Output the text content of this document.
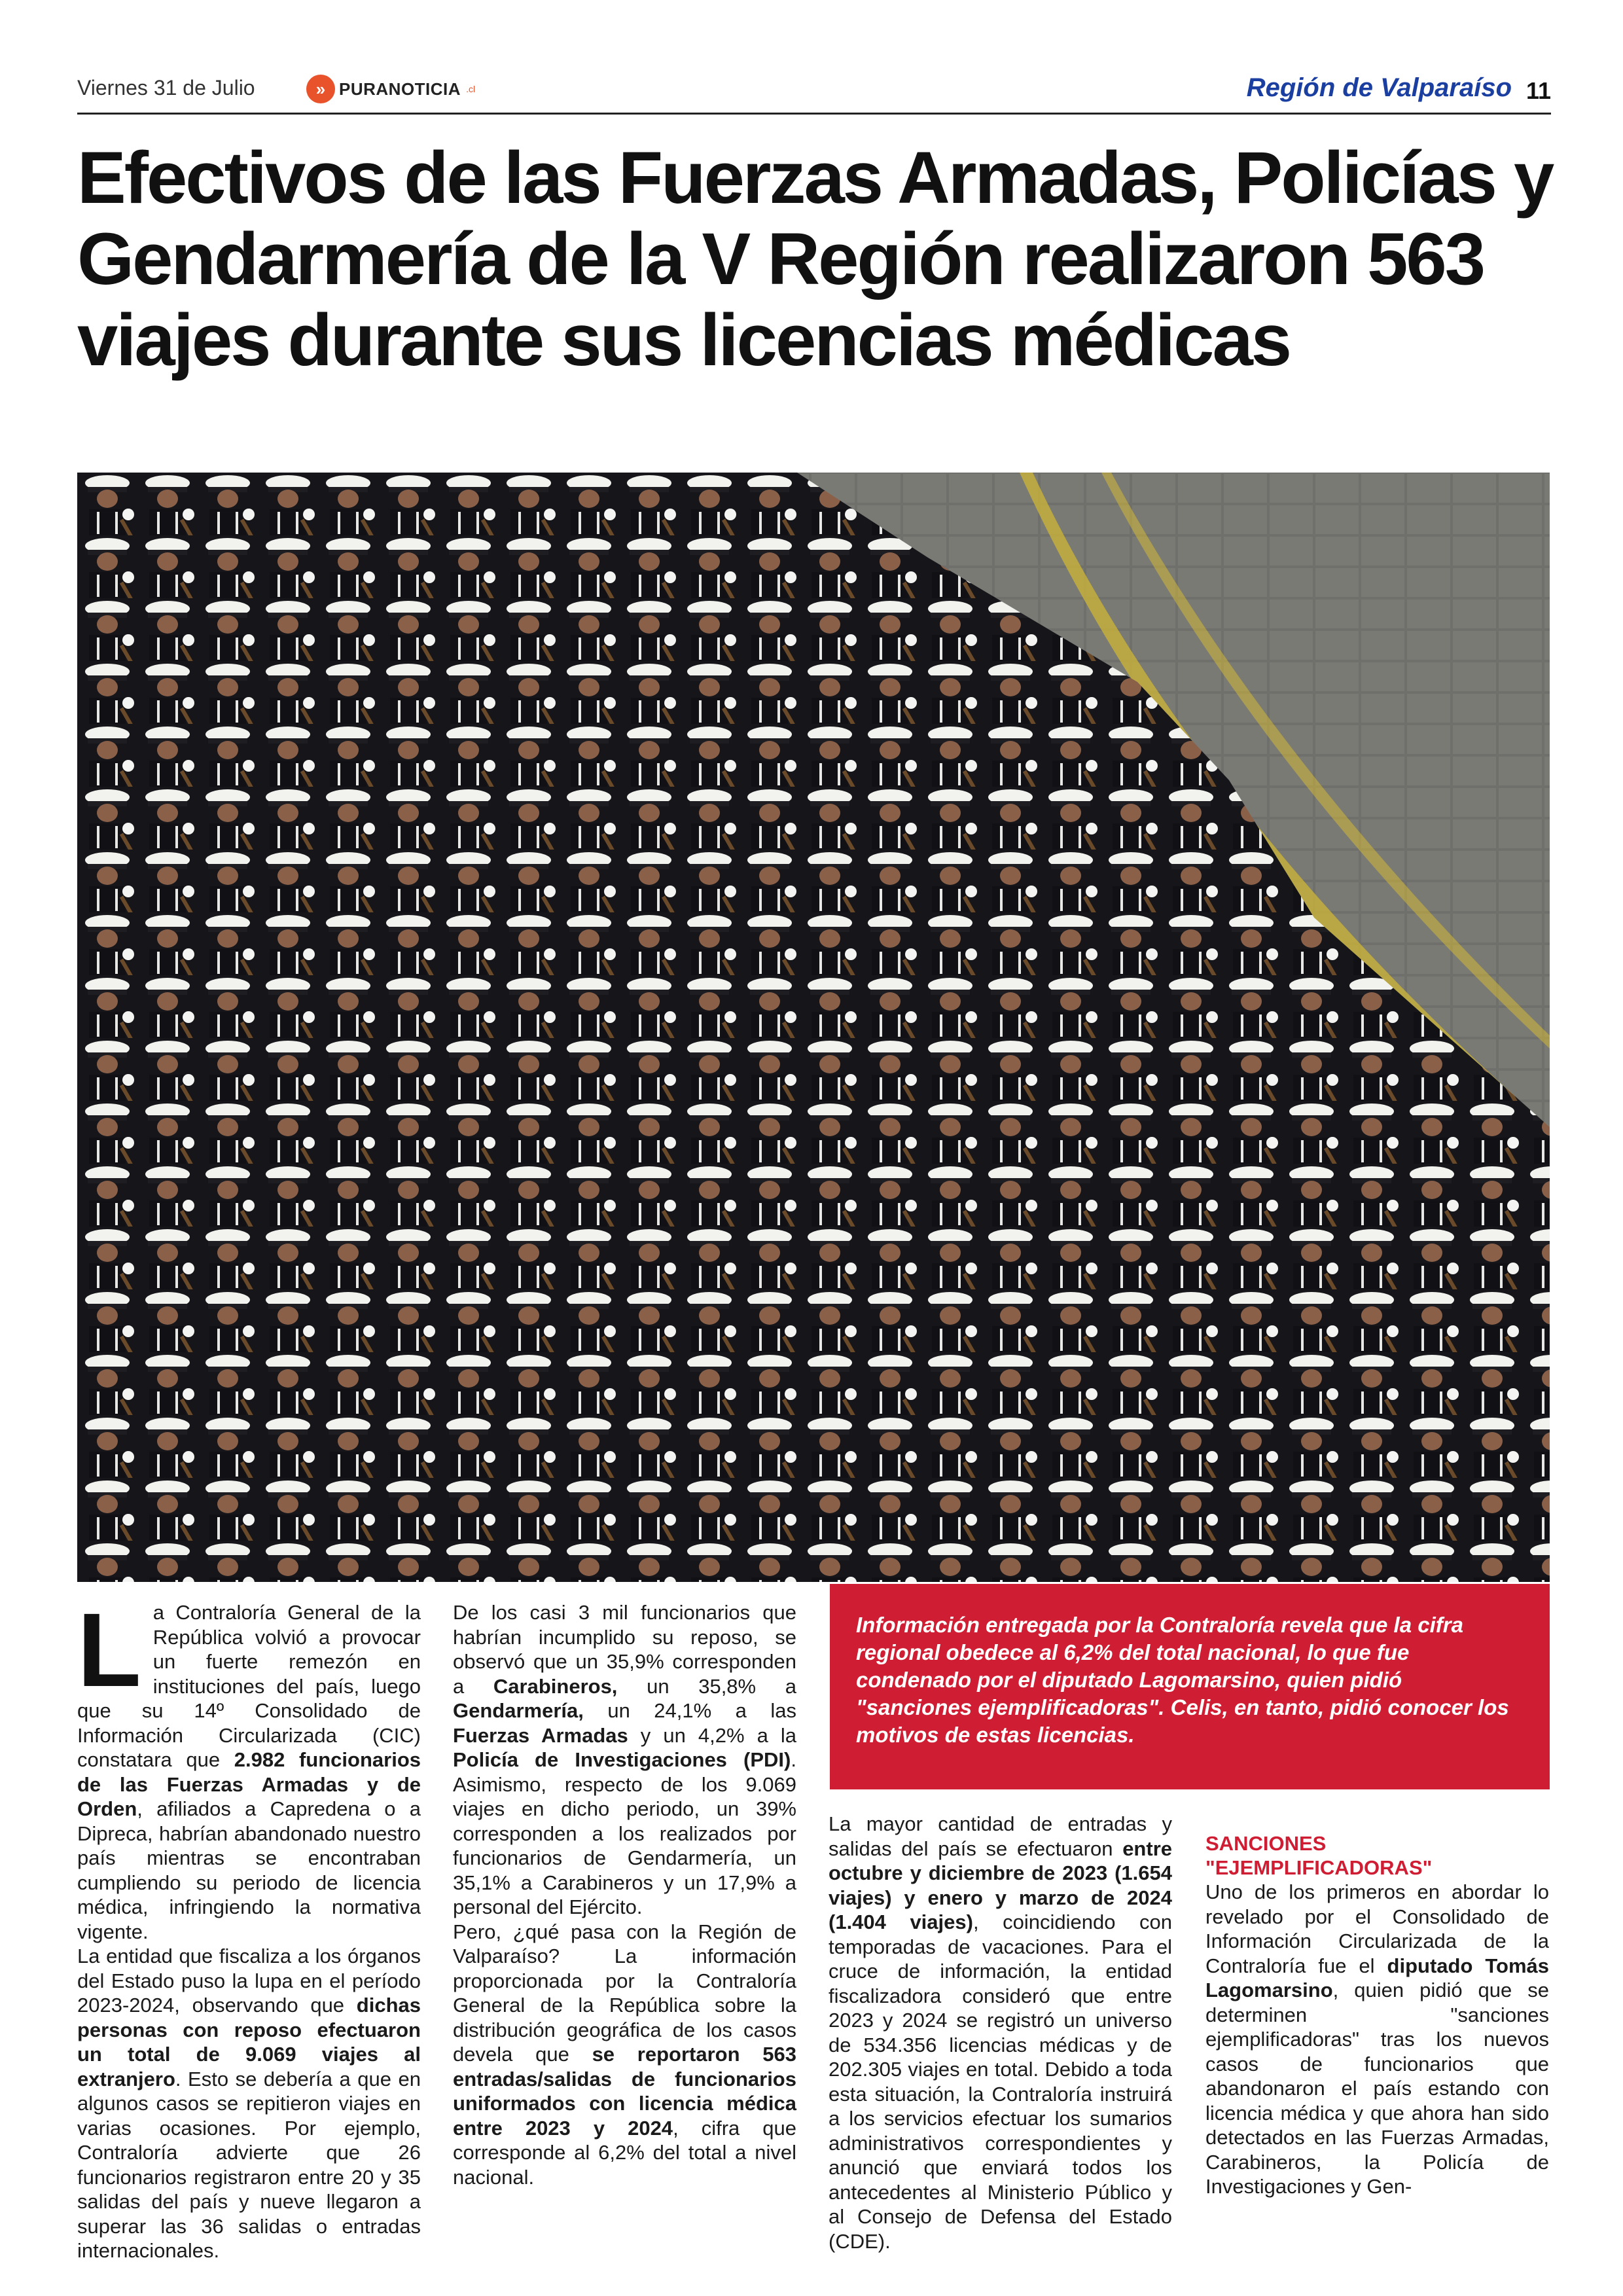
Viernes 31 de Julio	» PURANOTICIA .cl	Región de Valparaíso 11
Efectivos de las Fuerzas Armadas, Policías y Gendarmería de la V Región realizaron 563 viajes durante sus licencias médicas
Información entregada por la Contraloría revela que la cifra regional obedece al 6,2% del total nacional, lo que fue condenado por el diputado Lagomarsino, quien pidió "sanciones ejemplificadoras". Celis, en tanto, pidió conocer los motivos de estas licencias.
L a Contraloría General de la República volvió a provocar un fuerte remezón en instituciones del país, luego que su 14º Consolidado de Información Circularizada (CIC) constatara que 2.982 funcionarios de las Fuerzas Armadas y de Orden, afiliados a Capredena o a Dipreca, habrían abandonado nuestro país mientras se encontraban cumpliendo su periodo de licencia médica, infringiendo la normativa vigente.

La entidad que fiscaliza a los órganos del Estado puso la lupa en el período 2023-2024, observando que dichas personas con reposo efectuaron un total de 9.069 viajes al extranjero. Esto se debería a que en algunos casos se repitieron viajes en varias ocasiones. Por ejemplo, Contraloría advierte que 26 funcionarios registraron entre 20 y 35 salidas del país y nueve llegaron a superar las 36 salidas o entradas internacionales.

De los casi 3 mil funcionarios que habrían incumplido su reposo, se observó que un 35,9% corresponden a Carabineros, un 35,8% a Gendarmería, un 24,1% a las Fuerzas Armadas y un 4,2% a la Policía de Investigaciones (PDI). Asimismo, respecto de los 9.069 viajes en dicho periodo, un 39% corresponden a los realizados por funcionarios de Gendarmería, un 35,1% a Carabineros y un 17,9% a personal del Ejército.

Pero, ¿qué pasa con la Región de Valparaíso? La información proporcionada por la Contraloría General de la República sobre la distribución geográfica de los casos devela que se reportaron 563 entradas/salidas de funcionarios uniformados con licencia médica entre 2023 y 2024, cifra que corresponde al 6,2% del total a nivel nacional.

La mayor cantidad de entradas y salidas del país se efectuaron entre octubre y diciembre de 2023 (1.654 viajes) y enero y marzo de 2024 (1.404 viajes), coincidiendo con temporadas de vacaciones. Para el cruce de información, la entidad fiscalizadora consideró que entre 2023 y 2024 se registró un universo de 534.356 licencias médicas y de 202.305 viajes en total. Debido a toda esta situación, la Contraloría instruirá a los servicios efectuar los sumarios administrativos correspondientes y anunció que enviará todos los antecedentes al Ministerio Público y al Consejo de Defensa del Estado (CDE).

SANCIONES
"EJEMPLIFICADORAS"

Uno de los primeros en abordar lo revelado por el Consolidado de Información Circularizada de la Contraloría fue el diputado Tomás Lagomarsino, quien pidió que se determinen "sanciones ejemplificadoras" tras los nuevos casos de funcionarios que abandonaron el país estando con licencia médica y que ahora han sido detectados en las Fuerzas Armadas, Carabineros, la Policía de Investigaciones y Gen-
